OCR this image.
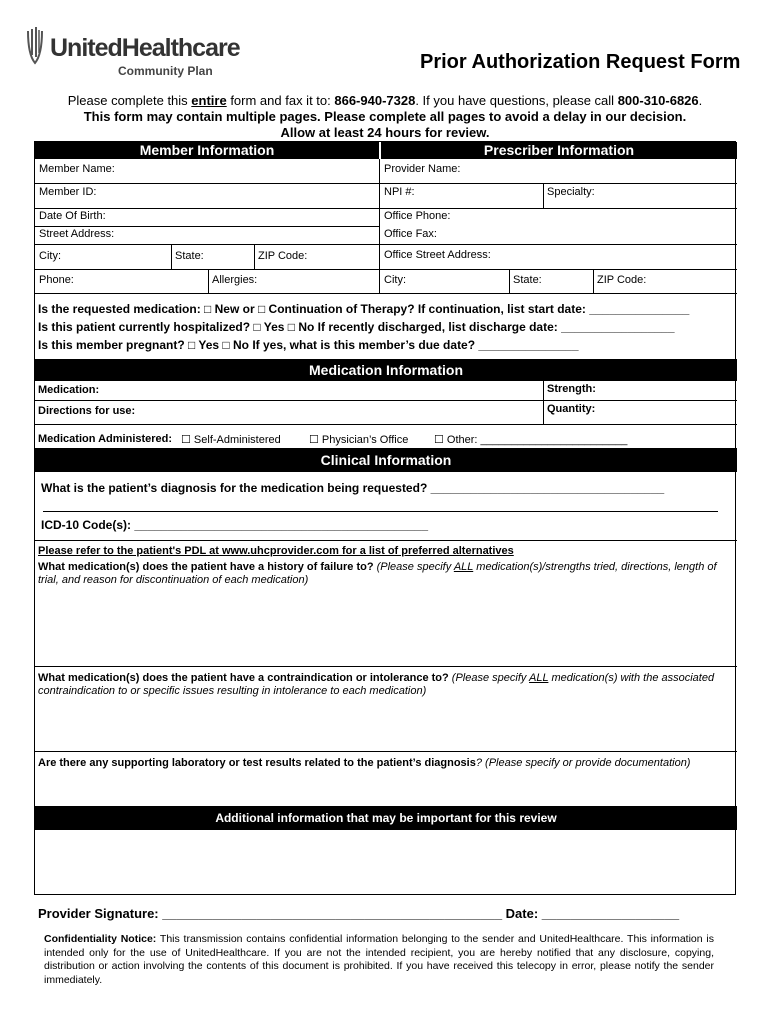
UnitedHealthcare
Community Plan	Prior Authorization Request Form
Please complete this entire form and fax it to: 866-940-7328. If you have questions, please call 800-310-6826.
This form may contain multiple pages. Please complete all pages to avoid a delay in our decision.
Allow at least 24 hours for review.
Member Information	Prescriber Information
Member Name:
Member ID:
Date Of Birth:
Street Address:
City:	State:	ZIP Code:
Phone:	Allergies:
Provider Name:
NPI #:	Specialty:
Office Phone:
Office Fax:
Office Street Address:
City:	State:	ZIP Code:
Is the requested medication: □ New or □ Continuation of Therapy? If continuation, list start date: _______________
Is this patient currently hospitalized? □ Yes □ No If recently discharged, list discharge date: _________________
Is this member pregnant? □ Yes □ No If yes, what is this member’s due date? _______________
Medication Information
Medication:	Strength:
Directions for use:	Quantity:
Medication Administered: ☐ Self-Administered	☐ Physician’s Office ☐ Other: ________________________
Clinical Information
What is the patient’s diagnosis for the medication being requested? ___________________________________
ICD-10 Code(s): ____________________________________________
Please refer to the patient's PDL at www.uhcprovider.com for a list of preferred alternatives
What medication(s) does the patient have a history of failure to? (Please specify ALL medication(s)/strengths tried, directions, length of trial, and reason for discontinuation of each medication)
What medication(s) does the patient have a contraindication or intolerance to? (Please specify ALL medication(s) with the associated contraindication to or specific issues resulting in intolerance to each medication)
Are there any supporting laboratory or test results related to the patient’s diagnosis? (Please specify or provide documentation)
Additional information that may be important for this review
Provider Signature: _______________________________________________ Date: ___________________
Confidentiality Notice: This transmission contains confidential information belonging to the sender and UnitedHealthcare. This information is intended only for the use of UnitedHealthcare. If you are not the intended recipient, you are hereby notified that any disclosure, copying, distribution or action involving the contents of this document is prohibited. If you have received this telecopy in error, please notify the sender immediately.
